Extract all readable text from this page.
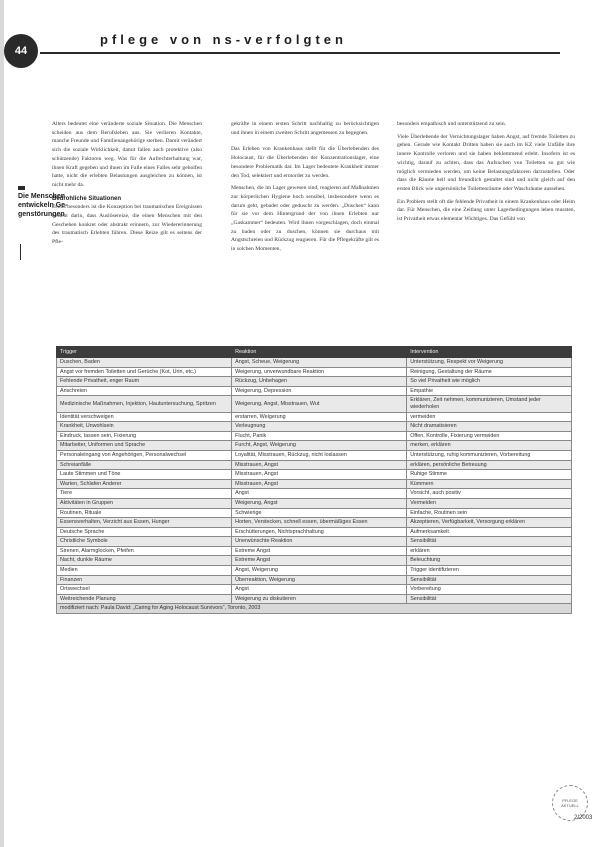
44
pflege von ns-verfolgten
Die Menschen entwickeln Ge-genstörungen

Alters bedeutet eine veränderte soziale Situation. Die Menschen scheiden aus dem Berufsleben aus. Sie verlieren Kontakte, manche Freunde und Familienangehörige sterben. Damit verändert sich die soziale Wirklichkeit, damit fallen auch protektive (also schützende) Faktoren weg. Was für die Aufrechterhaltung war, ihnen Kraft gegeben und ihnen im Falle eines Falles sehr geholfen hatte, nicht die erlebten Belastungen ausgleichen zu können, ist nicht mehr da.

Bedrohliche Situationen

Etwas besonders ist die Konzeption bei traumatischen Ereignissen besteht darin, dass Auslösereize, die einen Menschen mit den Geschehen konkret oder abstrakt erinnern, zur Wiedererinnerung des traumatisch Erlebten führen. Diese Reize gilt es seitens der Pfle-

gekräfte in einem ersten Schritt nachhaltig zu berücksichtigen und ihnen in einem zweiten Schritt angemessen zu begegnen.

Das Erleben von Krankenhaus stellt für die Überlebenden des Holocaust, für die Überlebenden der Konzentrationslager, eine besondere Problematik dar. Im Lager bedeutete Krankheit immer den Tod, selektiert und ermordet zu werden.

Menschen, die im Lager gewesen sind, reagieren auf Maßnahmen zur körperlichen Hygiene hoch sensibel, insbesondere wenn es darum geht, gebadet oder geduscht zu werden. „Duschen“ kann für sie vor dem Hintergrund der von ihnen Erlebten nur „Gaskammer“ bedeuten. Wird ihnen vorgeschlagen, doch einmal zu baden oder zu duschen, können sie durchaus mit Angstschreien und Rückzug reagieren. Für die Pflegekräfte gilt es in solchen Momenten,

besonders empathisch und unterstützend zu sein.

Viele Überlebende der Vernichtungslager haben Angst, auf fremde Toiletten zu gehen. Gerade wie Kontakt Dritten haben sie auch im KZ viele Unfälle ihre innere Kontrolle verloren und sie haben beklemmend erlebt. Insofern ist es wichtig, darauf zu achten, dass das Aufsuchen von Toiletten so gut wie möglich vermieden werden, um keine Belastungsfaktoren darzustellen. Oder dass die Räume hell und freundlich gestaltet sind und nicht gleich auf den ersten Blick wie unpersönliche Toilettenräume oder Waschräume aussehen.

Ein Problem stellt oft die fehlende Privatheit in einem Krankenhaus oder Heim dar. Für Menschen, die eine Zeitlang unter Lagerbedingungen leben mussten, ist Privatheit etwas elementar Wichtiges. Das Gefühl von

Trigger	Reaktion	Intervention
Duschen, Baden	Angst, Scheue, Weigerung	Unterstützung, Respekt vor Weigerung
Angst vor fremden Toiletten und Gerüche (Kot, Urin, etc.)	Weigerung, unverwundbare Reaktion	Reinigung, Gestaltung der Räume
Fehlende Privatheit, enger Raum	Rückzug, Unbehagen	So viel Privatheit wie möglich
Anschreien	Weigerung, Depression	Empathie
Medizinische Maßnahmen, Injektion, Hautuntersuchung, Spritzen	Weigerung, Angst, Misstrauen, Wut	Erklären, Zeit nehmen, kommunizieren, Umstand jeder wiederholen
Identität verschweigen	erstarren, Weigerung	vermeiden
Krankheit, Unwohlsein	Verleugnung	Nicht dramatisieren
Eindruck, lassen sein, Fixierung	Flucht, Panik	Offen, Kontrolle, Fixierung vermeiden
Mitarbeiter, Uniformen und Sprache	Furcht, Angst, Weigerung	merken, erklären
Personaleingang von Angehörigen, Personalwechsel	Loyalität, Misstrauen, Rückzug, nicht loslassen	Unterstützung, ruhig kommunizieren, Vorbereitung
Schreianfälle	Misstrauen, Angst	erklären, persönliche Betreuung
Laute Stimmen und Töne	Misstrauen, Angst	Ruhige Stimme
Warten, Schlafen Anderer	Misstrauen, Angst	Kümmern
Tiere	Angst	Vorsicht, auch positiv
Aktivitäten in Gruppen	Weigerung, Angst	Vermeiden
Routinen, Rituale	Schwierige	Einfache, Routinen sein
Essensverhalten, Verzicht aus Essen, Hunger	Horten, Verstecken, schnell essen, übermäßiges Essen	Akzeptieren, Verfügbarkeit, Versorgung erklären
Deutsche Sprache	Erschütterungen, Nichtsprachhaltung	Aufmerksamkeit
Christliche Symbole	Unerwünschte Reaktion	Sensibilität
Sirenen, Alarmglocken, Pfeifen	Extreme Angst	erklären
Nacht, dunkle Räume	Extreme Angst	Beleuchtung
Medien	Angst, Weigerung	Trigger identifizieren
Finanzen	Überreaktion, Weigerung	Sensibilität
Ortswechsel	Angst	Vorbereitung
Weitreichende Planung	Weigerung zu diskutieren	Sensibilität
modifiziert nach: Paula David: „Caring for Aging Holocaust Survivors“, Toronto, 2003		
PFLEGE AKTUELL
2/2003
